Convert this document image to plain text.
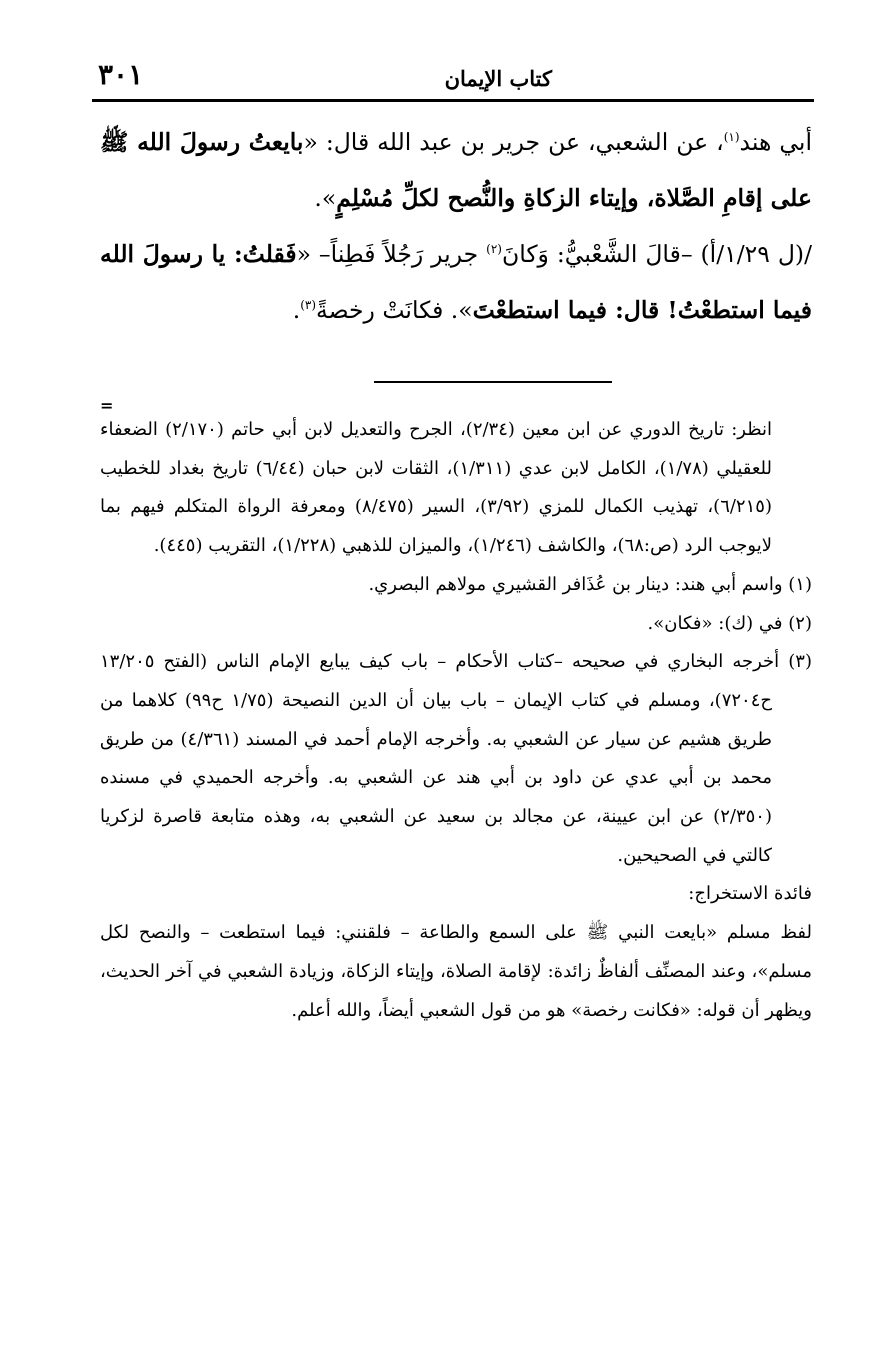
كتاب الإيمان
٣٠١

أبي هند$^{(١)}$، عن الشعبي، عن جرير بن عبد الله قال: «بايعتُ رسولَ الله ﷺ على إقامِ الصَّلاة، وإيتاء الزكاةِ والنُّصح لكلِّ مُسْلِمٍ».

/(ل ١/٢٩/أ) –قالَ الشَّعْبيُّ: وَكانَ$^{(٢)}$ جرير رَجُلاً فَطِناً– «فَقلتُ: يا رسولَ الله فيما استطعْتُ! قال: فيما استطعْتَ». فكانَتْ رخصةً$^{(٣)}$.

=

انظر: تاريخ الدوري عن ابن معين (٢/٣٤)، الجرح والتعديل لابن أبي حاتم (٢/١٧٠) الضعفاء للعقيلي (١/٧٨)، الكامل لابن عدي (١/٣١١)، الثقات لابن حبان (٦/٤٤) تاريخ بغداد للخطيب (٦/٢١٥)، تهذيب الكمال للمزي (٣/٩٢)، السير (٨/٤٧٥) ومعرفة الرواة المتكلم فيهم بما لايوجب الرد (ص:٦٨)، والكاشف (١/٢٤٦)، والميزان للذهبي (١/٢٢٨)، التقريب (٤٤٥).

(١) واسم أبي هند: دينار بن عُذَافر القشيري مولاهم البصري.

(٢) في (ك): «فكان».

(٣) أخرجه البخاري في صحيحه –كتاب الأحكام – باب كيف يبايع الإمام الناس (الفتح ١٣/٢٠٥ ح٧٢٠٤)، ومسلم في كتاب الإيمان – باب بيان أن الدين النصيحة (١/٧٥ ح٩٩) كلاهما من طريق هشيم عن سيار عن الشعبي به. وأخرجه الإمام أحمد في المسند (٤/٣٦١) من طريق محمد بن أبي عدي عن داود بن أبي هند عن الشعبي به. وأخرجه الحميدي في مسنده (٢/٣٥٠) عن ابن عيينة، عن مجالد بن سعيد عن الشعبي به، وهذه متابعة قاصرة لزكريا كالتي في الصحيحين.

فائدة الاستخراج:

لفظ مسلم «بايعت النبي ﷺ على السمع والطاعة – فلقنني: فيما استطعت – والنصح لكل مسلم»، وعند المصنِّف ألفاظٌ زائدة: لإقامة الصلاة، وإيتاء الزكاة، وزيادة الشعبي في آخر الحديث، ويظهر أن قوله: «فكانت رخصة» هو من قول الشعبي أيضاً، والله أعلم.
